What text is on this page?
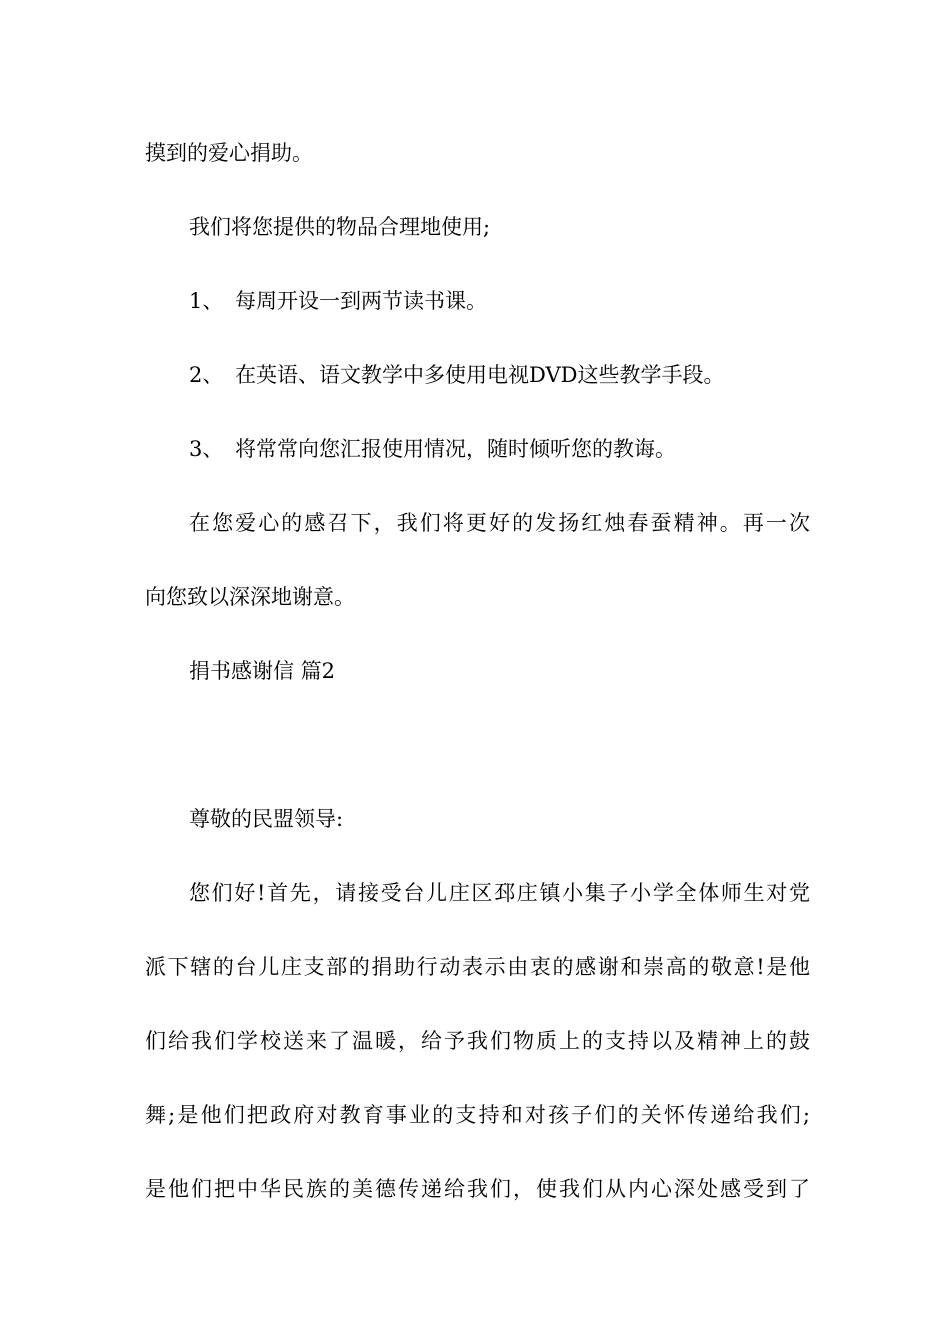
摸到的爱心捐助。
我们将您提供的物品合理地使用;
1、 每周开设一到两节读书课。
2、 在英语、语文教学中多使用电视DVD这些教学手段。
3、 将常常向您汇报使用情况，随时倾听您的教诲。
在您爱心的感召下，我们将更好的发扬红烛春蚕精神。再一次
向您致以深深地谢意。
捐书感谢信 篇2
尊敬的民盟领导:
您们好!首先，请接受台儿庄区邳庄镇小集子小学全体师生对党
派下辖的台儿庄支部的捐助行动表示由衷的感谢和崇高的敬意!是他
们给我们学校送来了温暖，给予我们物质上的支持以及精神上的鼓
舞;是他们把政府对教育事业的支持和对孩子们的关怀传递给我们;
是他们把中华民族的美德传递给我们，使我们从内心深处感受到了
